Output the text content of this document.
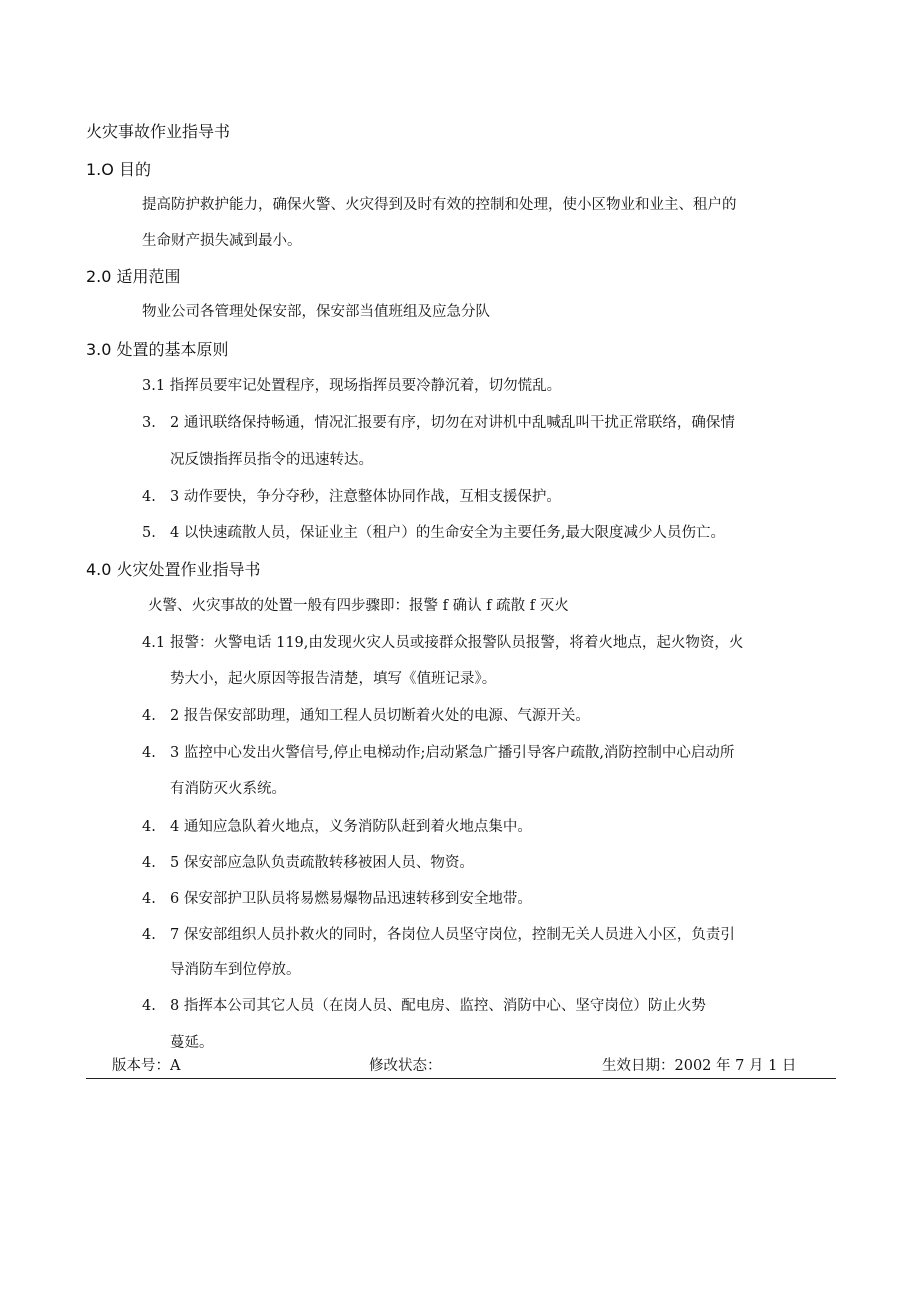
火灾事故作业指导书
1.O 目的
提高防护救护能力，确保火警、火灾得到及时有效的控制和处理，使小区物业和业主、租户的
生命财产损失减到最小。
2.0 适用范围
物业公司各管理处保安部，保安部当值班组及应急分队
3.0 处置的基本原则
3.1 指挥员要牢记处置程序，现场指挥员要冷静沉着，切勿慌乱。
3. 2 通讯联络保持畅通，情况汇报要有序，切勿在对讲机中乱喊乱叫干扰正常联络，确保情
况反馈指挥员指令的迅速转达。
4. 3 动作要快，争分夺秒，注意整体协同作战，互相支援保护。
5. 4 以快速疏散人员，保证业主（租户）的生命安全为主要任务,最大限度减少人员伤亡。
4.0 火灾处置作业指导书
火警、火灾事故的处置一般有四步骤即：报警 f 确认 f 疏散 f 灭火
4.1 报警：火警电话 119,由发现火灾人员或接群众报警队员报警，将着火地点，起火物资，火
势大小，起火原因等报告清楚，填写《值班记录》。
4. 2 报告保安部助理，通知工程人员切断着火处的电源、气源开关。
4. 3 监控中心发出火警信号,停止电梯动作;启动紧急广播引导客户疏散,消防控制中心启动所
有消防灭火系统。
4. 4 通知应急队着火地点，义务消防队赶到着火地点集中。
4. 5 保安部应急队负责疏散转移被困人员、物资。
4. 6 保安部护卫队员将易燃易爆物品迅速转移到安全地带。
4. 7 保安部组织人员扑救火的同时，各岗位人员坚守岗位，控制无关人员进入小区，负责引
导消防车到位停放。
4. 8 指挥本公司其它人员（在岗人员、配电房、监控、消防中心、坚守岗位）防止火势
蔓延。
版本号：A	修改状态：	生效日期：2002 年 7 月 1 日
